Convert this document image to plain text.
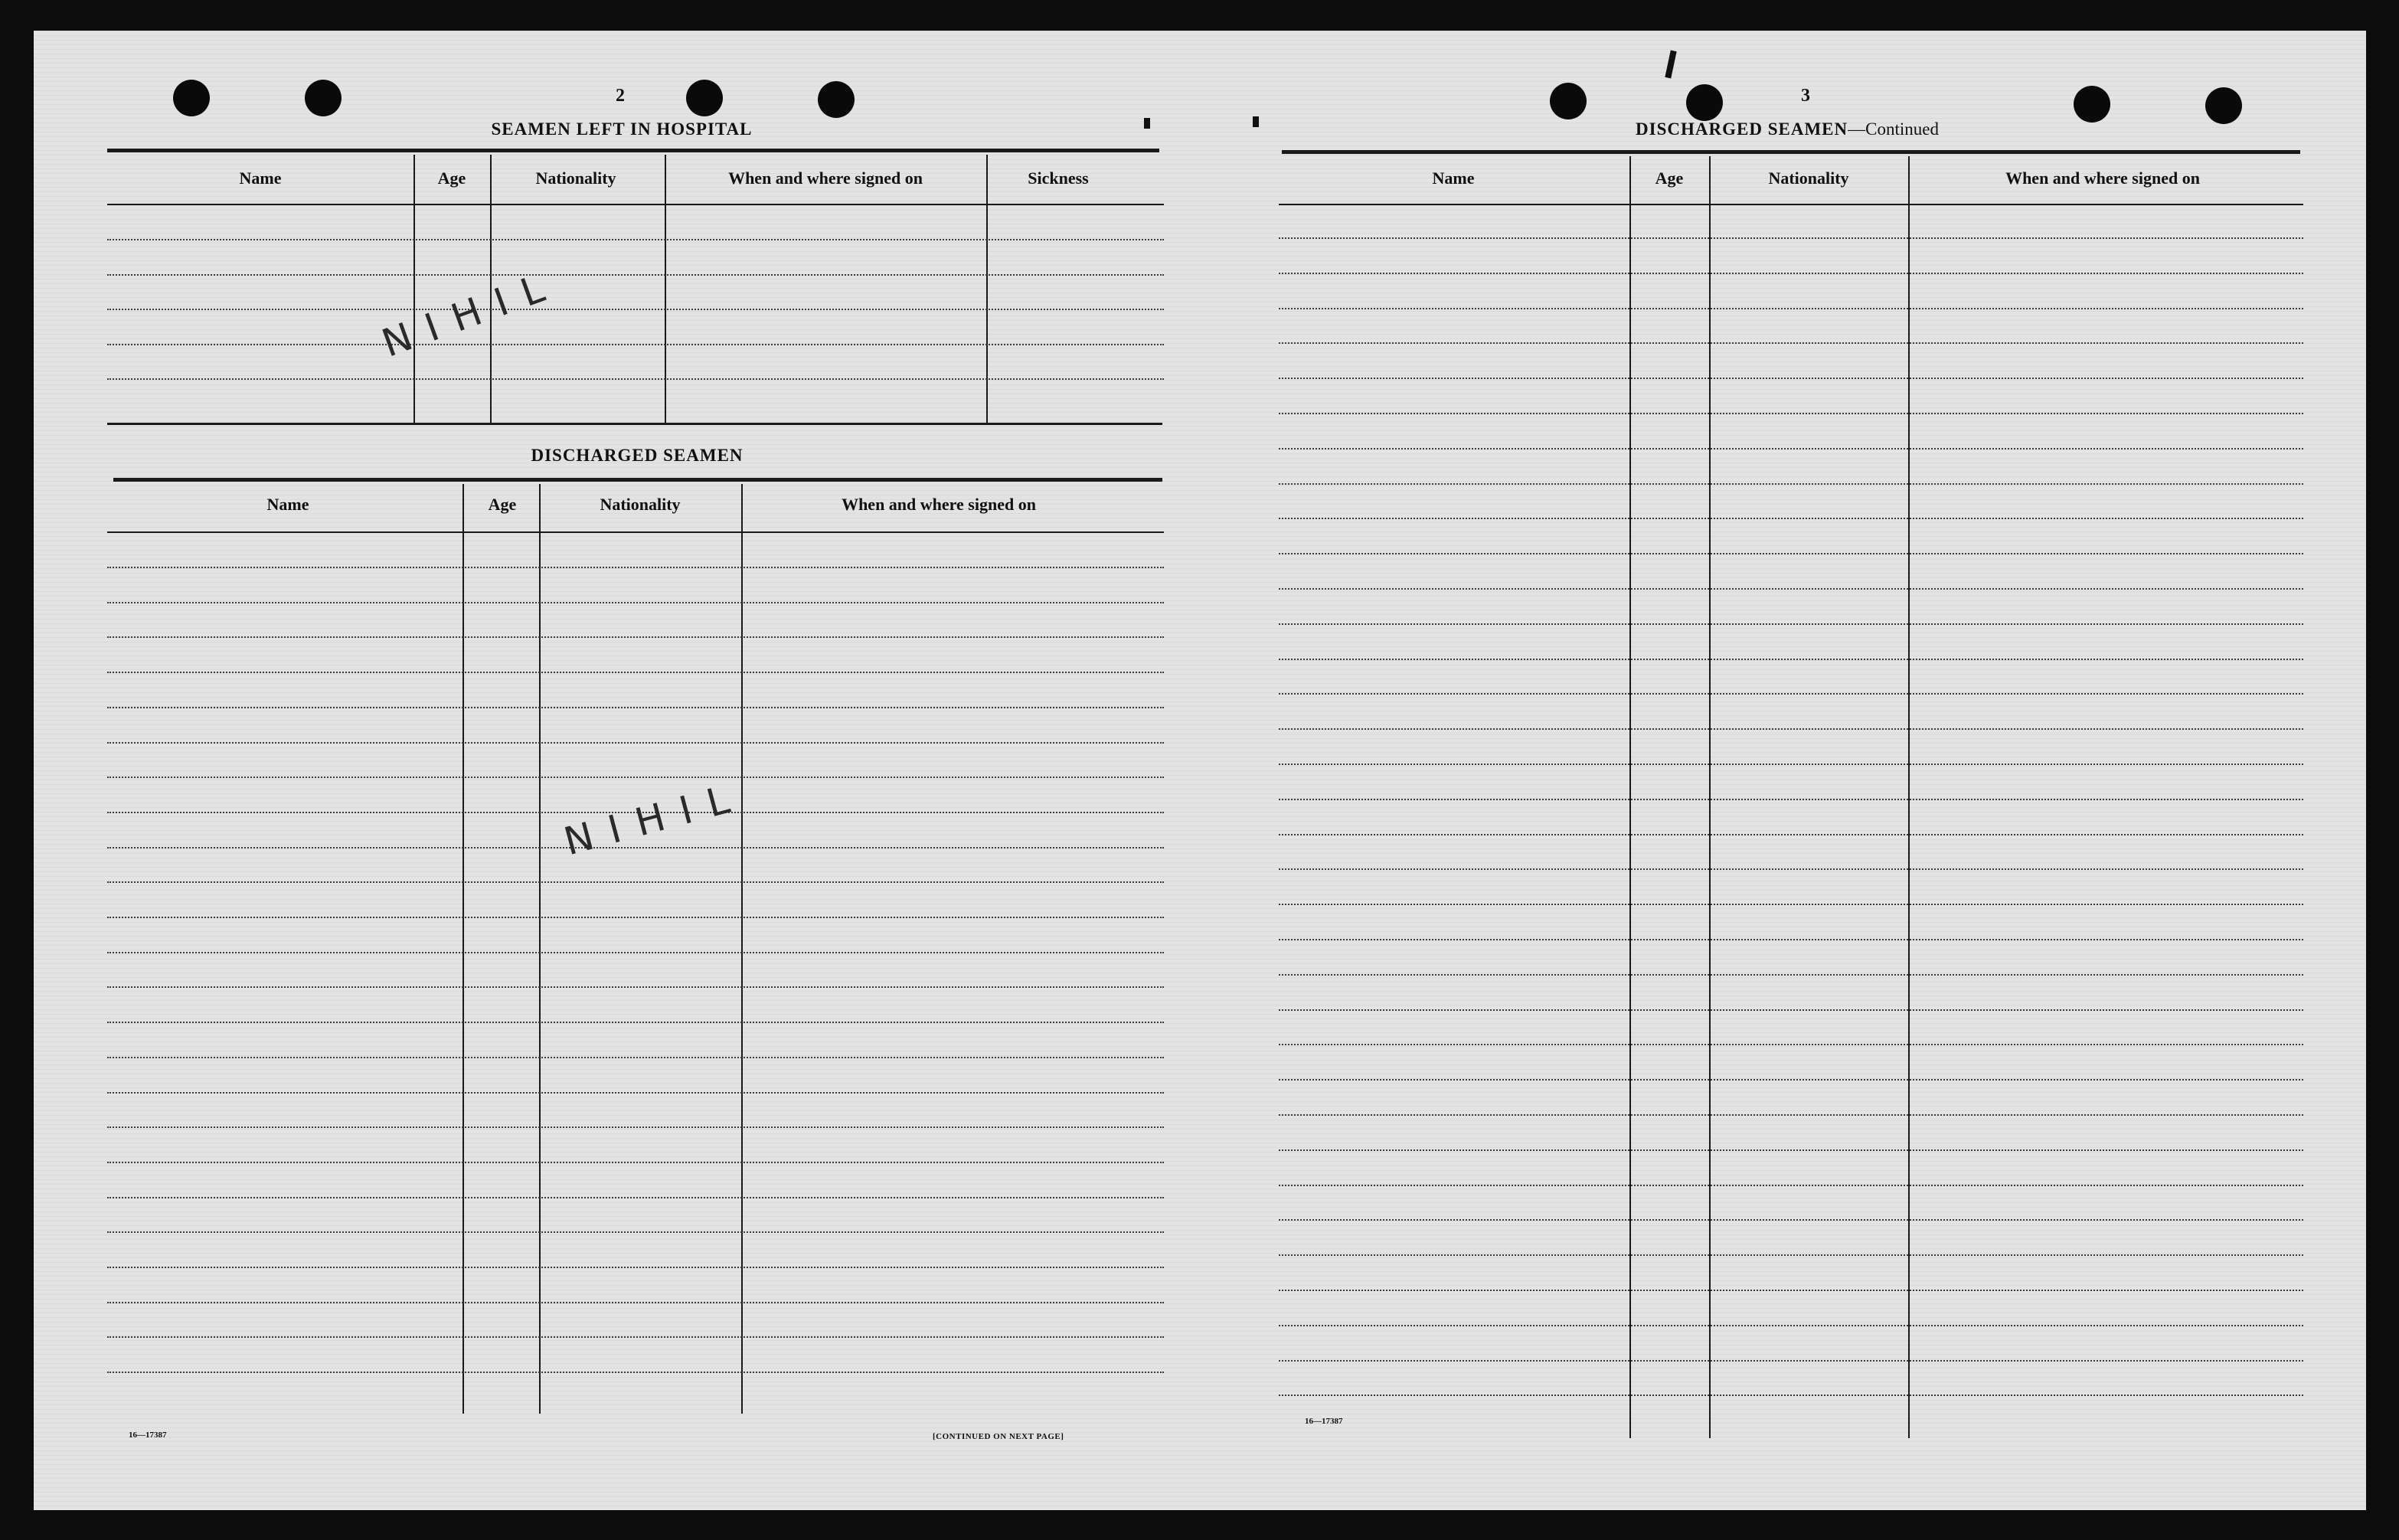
2
SEAMEN LEFT IN HOSPITAL
Name	Age	Nationality	When and where signed on	Sickness
NIHIL
DISCHARGED SEAMEN
Name	Age	Nationality	When and where signed on
N I H I L
16—17387	[CONTINUED ON NEXT PAGE]
3
DISCHARGED SEAMEN—Continued
Name	Age	Nationality	When and where signed on
16—17387
